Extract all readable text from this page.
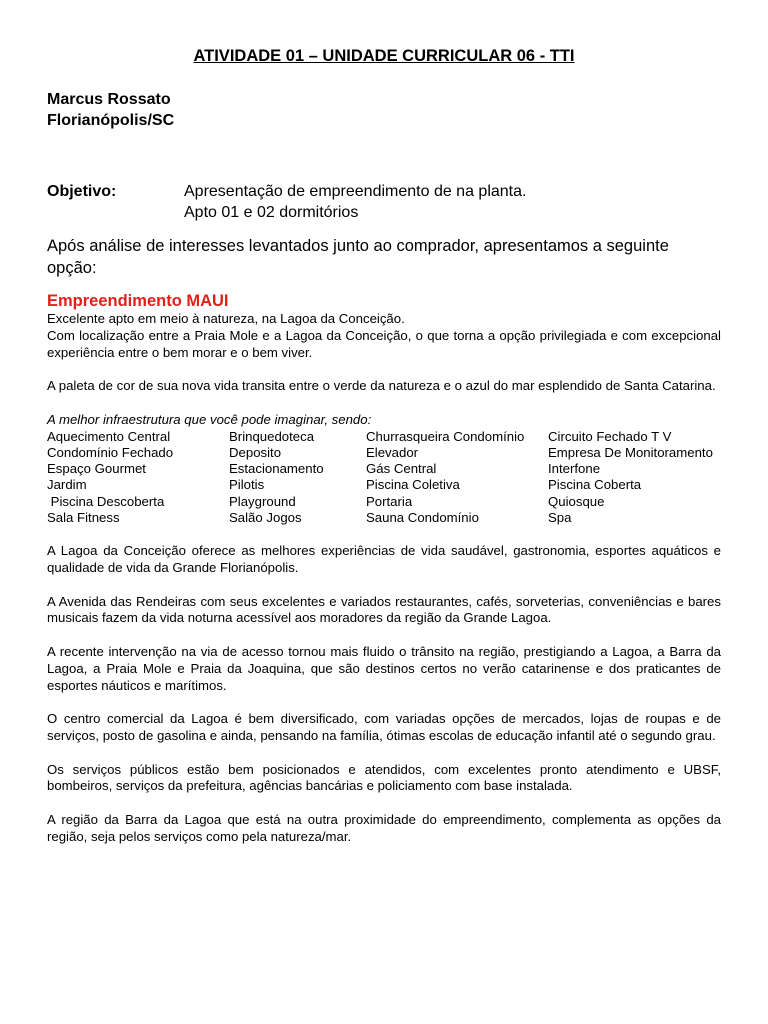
ATIVIDADE 01 – UNIDADE CURRICULAR 06 - TTI

Marcus Rossato

Florianópolis/SC

Objetivo:	Apresentação de empreendimento de na planta.
Apto 01 e 02 dormitórios
Após análise de interesses levantados junto ao comprador, apresentamos a seguinte opção:
Empreendimento MAUI

Excelente apto em meio à natureza, na Lagoa da Conceição.

Com localização entre a Praia Mole e a Lagoa da Conceição, o que torna a opção privilegiada e com excepcional experiência entre o bem morar e o bem viver.

A paleta de cor de sua nova vida transita entre o verde da natureza e o azul do mar esplendido de Santa Catarina.

A melhor infraestrutura que você pode imaginar, sendo:

Aquecimento Central	Brinquedoteca	Churrasqueira Condomínio	Circuito Fechado T V
Condomínio Fechado	Deposito	Elevador	Empresa De Monitoramento
Espaço Gourmet	Estacionamento	Gás Central	Interfone
Jardim	Pilotis	Piscina Coletiva	Piscina Coberta
Piscina Descoberta	Playground	Portaria	Quiosque
Sala Fitness	Salão Jogos	Sauna Condomínio	Spa

A Lagoa da Conceição oferece as melhores experiências de vida saudável, gastronomia, esportes aquáticos e qualidade de vida da Grande Florianópolis.

A Avenida das Rendeiras com seus excelentes e variados restaurantes, cafés, sorveterias, conveniências e bares musicais fazem da vida noturna acessível aos moradores da região da Grande Lagoa.

A recente intervenção na via de acesso tornou mais fluido o trânsito na região, prestigiando a Lagoa, a Barra da Lagoa, a Praia Mole e Praia da Joaquina, que são destinos certos no verão catarinense e dos praticantes de esportes náuticos e marítimos.

O centro comercial da Lagoa é bem diversificado, com variadas opções de mercados, lojas de roupas e de serviços, posto de gasolina e ainda, pensando na família, ótimas escolas de educação infantil até o segundo grau.

Os serviços públicos estão bem posicionados e atendidos, com excelentes pronto atendimento e UBSF, bombeiros, serviços da prefeitura, agências bancárias e policiamento com base instalada.

A região da Barra da Lagoa que está na outra proximidade do empreendimento, complementa as opções da região, seja pelos serviços como pela natureza/mar.
